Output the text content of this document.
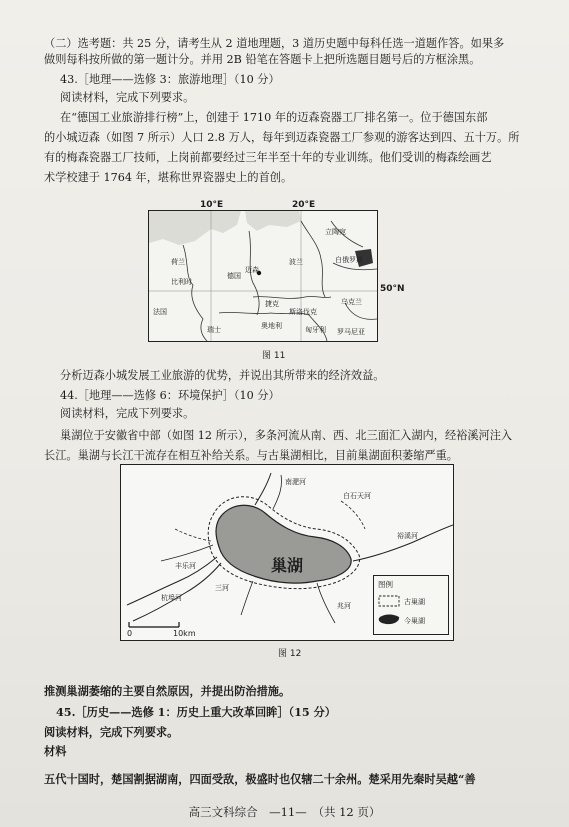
（二）选考题：共 25 分，请考生从 2 道地理题，3 道历史题中每科任选一道题作答。如果多
做则每科按所做的第一题计分。并用 2B 铅笔在答题卡上把所选题目题号后的方框涂黑。
43.［地理——选修 3：旅游地理］（10 分）
阅读材料，完成下列要求。
在“德国工业旅游排行榜”上，创建于 1710 年的迈森瓷器工厂排名第一。位于德国东部
的小城迈森（如图 7 所示）人口 2.8 万人，每年到迈森瓷器工厂参观的游客达到四、五十万。所
有的梅森瓷器工厂技师，上岗前都要经过三年半至十年的专业训练。他们受训的梅森绘画艺
术学校建于 1764 年，堪称世界瓷器史上的首创。
立陶宛
荷兰	白俄罗斯
德国
迈森
波兰
比利时
捷克	乌克兰
法国	斯洛伐克
奥地利	匈牙利
瑞士	罗马尼亚
10°E	20°E
50°N
图 11
分析迈森小城发展工业旅游的优势，并说出其所带来的经济效益。
44.［地理——选修 6：环境保护］（10 分）
阅读材料，完成下列要求。
巢湖位于安徽省中部（如图 12 所示），多条河流从南、西、北三面汇入湖内，经裕溪河注入
长江。巢湖与长江干流存在相互补给关系。与古巢湖相比，目前巢湖面积萎缩严重。
巢湖
南淝河
杭埠河
白石天河
丰乐河
三河
兆河
裕溪河
0	10km
图例
古巢湖
今巢湖
图 12
推测巢湖萎缩的主要自然原因，并提出防治措施。
45.［历史——选修 1：历史上重大改革回眸］（15 分）
阅读材料，完成下列要求。
材料
五代十国时，楚国割据湖南，四面受敌，极盛时也仅辖二十余州。楚采用先秦时吴越“善
高三文科综合　—11—　（共 12 页）
